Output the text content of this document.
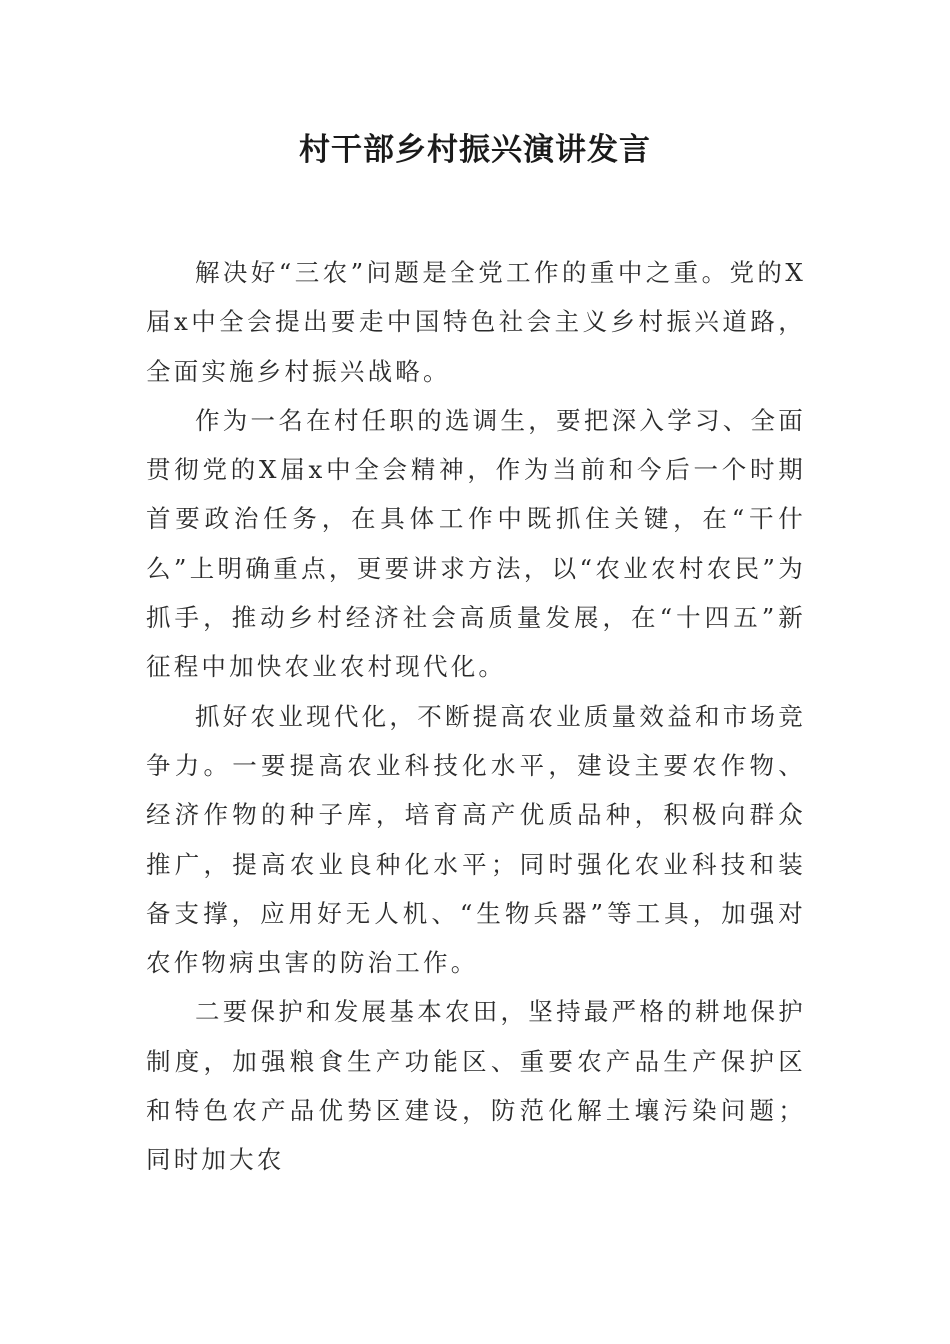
村干部乡村振兴演讲发言

解决好“三农”问题是全党工作的重中之重。党的X届x中全会提出要走中国特色社会主义乡村振兴道路，全面实施乡村振兴战略。

作为一名在村任职的选调生，要把深入学习、全面贯彻党的X届x中全会精神，作为当前和今后一个时期首要政治任务，在具体工作中既抓住关键，在“干什么”上明确重点，更要讲求方法，以“农业农村农民”为抓手，推动乡村经济社会高质量发展，在“十四五”新征程中加快农业农村现代化。

抓好农业现代化，不断提高农业质量效益和市场竞争力。一要提高农业科技化水平，建设主要农作物、经济作物的种子库，培育高产优质品种，积极向群众推广，提高农业良种化水平；同时强化农业科技和装备支撑，应用好无人机、“生物兵器”等工具，加强对农作物病虫害的防治工作。

二要保护和发展基本农田，坚持最严格的耕地保护制度，加强粮食生产功能区、重要农产品生产保护区和特色农产品优势区建设，防范化解土壤污染问题；同时加大农
